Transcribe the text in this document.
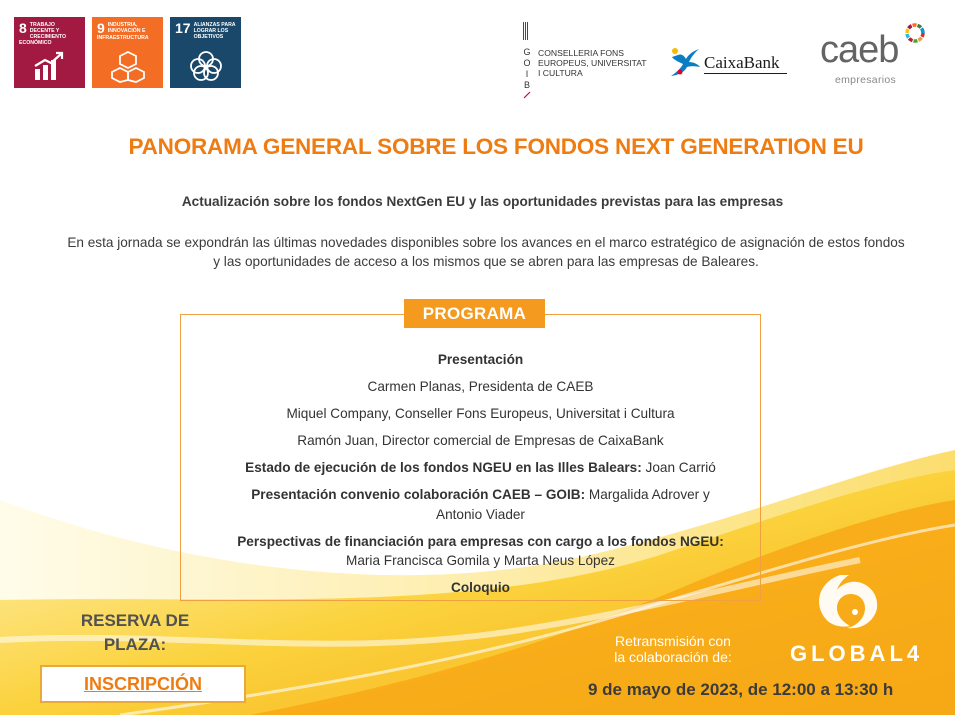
8 TRABAJO DECENTE Y CRECIMIENTO ECONÓMICO
9 INDUSTRIA, INNOVACIÓN E INFRAESTRUCTURA
17 ALIANZAS PARA LOGRAR LOS OBJETIVOS
G
O
I
B
CONSELLERIA FONS EUROPEUS, UNIVERSITAT I CULTURA
CaixaBank caeb
empresarios
PANORAMA GENERAL SOBRE LOS FONDOS NEXT GENERATION EU
Actualización sobre los fondos NextGen EU y las oportunidades previstas para las empresas
En esta jornada se expondrán las últimas novedades disponibles sobre los avances en el marco estratégico de asignación de estos fondos
y las oportunidades de acceso a los mismos que se abren para las empresas de Baleares.
PROGRAMA

Presentación

Carmen Planas, Presidenta de CAEB

Miquel Company, Conseller Fons Europeus, Universitat i Cultura

Ramón Juan, Director comercial de Empresas de CaixaBank

Estado de ejecución de los fondos NGEU en las Illes Balears: Joan Carrió

Presentación convenio colaboración CAEB – GOIB: Margalida Adrover y

Antonio Viader

Perspectivas de financiación para empresas con cargo a los fondos NGEU:

Maria Francisca Gomila y Marta Neus López

Coloquio

RESERVA DE
PLAZA:
INSCRIPCIÓN
Retransmisión con
la colaboración de:	GLOBAL4
9 de mayo de 2023, de 12:00 a 13:30 h
